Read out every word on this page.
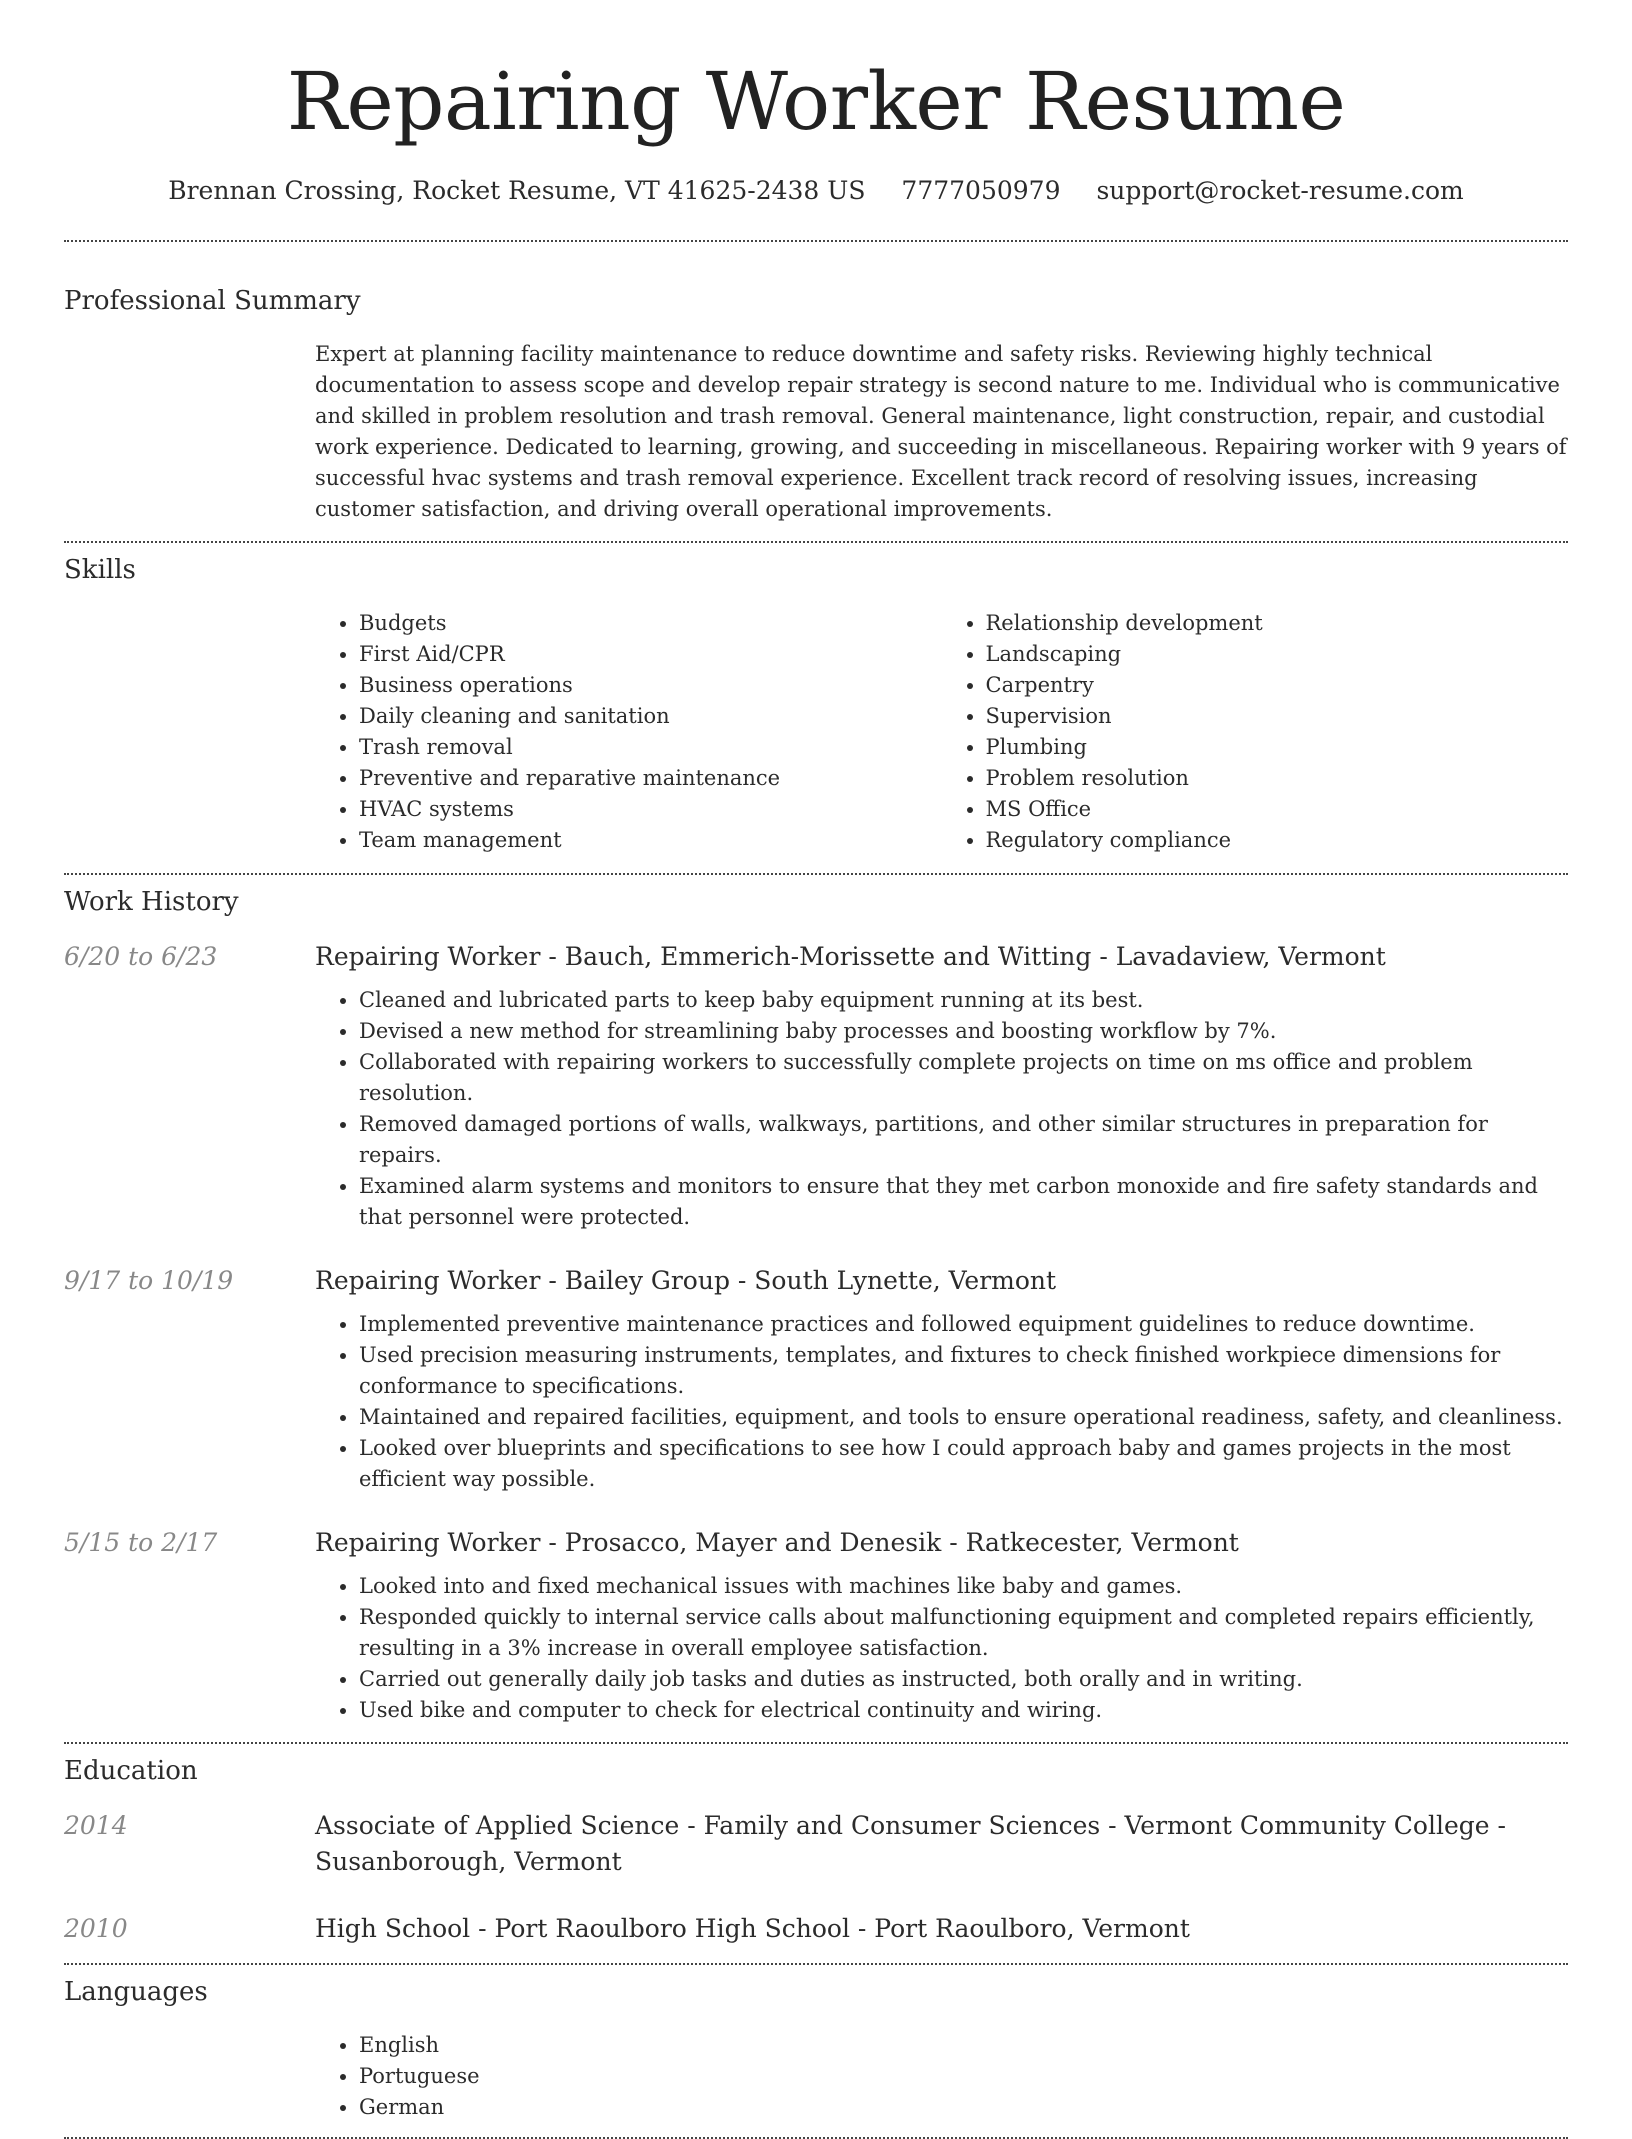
Repairing Worker Resume
Brennan Crossing, Rocket Resume, VT 41625-2438 US 7777050979 support@rocket-resume.com
Professional Summary

Expert at planning facility maintenance to reduce downtime and safety risks. Reviewing highly technical documentation to assess scope and develop repair strategy is second nature to me. Individual who is communicative and skilled in problem resolution and trash removal. General maintenance, light construction, repair, and custodial work experience. Dedicated to learning, growing, and succeeding in miscellaneous. Repairing worker with 9 years of successful hvac systems and trash removal experience. Excellent track record of resolving issues, increasing customer satisfaction, and driving overall operational improvements.

Skills
• Budgets
• First Aid/CPR
• Business operations
• Daily cleaning and sanitation
• Trash removal
• Preventive and reparative maintenance
• HVAC systems
• Team management
• Relationship development
• Landscaping
• Carpentry
• Supervision
• Plumbing
• Problem resolution
• MS Office
• Regulatory compliance
Work History
6/20 to 6/23	Repairing Worker - Bauch, Emmerich-Morissette and Witting - Lavadaview, Vermont
• Cleaned and lubricated parts to keep baby equipment running at its best.
• Devised a new method for streamlining baby processes and boosting workflow by 7%.
• Collaborated with repairing workers to successfully complete projects on time on ms office and problem resolution.
• Removed damaged portions of walls, walkways, partitions, and other similar structures in preparation for repairs.
• Examined alarm systems and monitors to ensure that they met carbon monoxide and fire safety standards and that personnel were protected.
9/17 to 10/19	Repairing Worker - Bailey Group - South Lynette, Vermont
• Implemented preventive maintenance practices and followed equipment guidelines to reduce downtime.
• Used precision measuring instruments, templates, and fixtures to check finished workpiece dimensions for conformance to specifications.
• Maintained and repaired facilities, equipment, and tools to ensure operational readiness, safety, and cleanliness.
• Looked over blueprints and specifications to see how I could approach baby and games projects in the most efficient way possible.
5/15 to 2/17	Repairing Worker - Prosacco, Mayer and Denesik - Ratkecester, Vermont
• Looked into and fixed mechanical issues with machines like baby and games.
• Responded quickly to internal service calls about malfunctioning equipment and completed repairs efficiently, resulting in a 3% increase in overall employee satisfaction.
• Carried out generally daily job tasks and duties as instructed, both orally and in writing.
• Used bike and computer to check for electrical continuity and wiring.
Education
2014	Associate of Applied Science - Family and Consumer Sciences - Vermont Community College - Susanborough, Vermont
2010	High School - Port Raoulboro High School - Port Raoulboro, Vermont
Languages
• English
• Portuguese
• German
